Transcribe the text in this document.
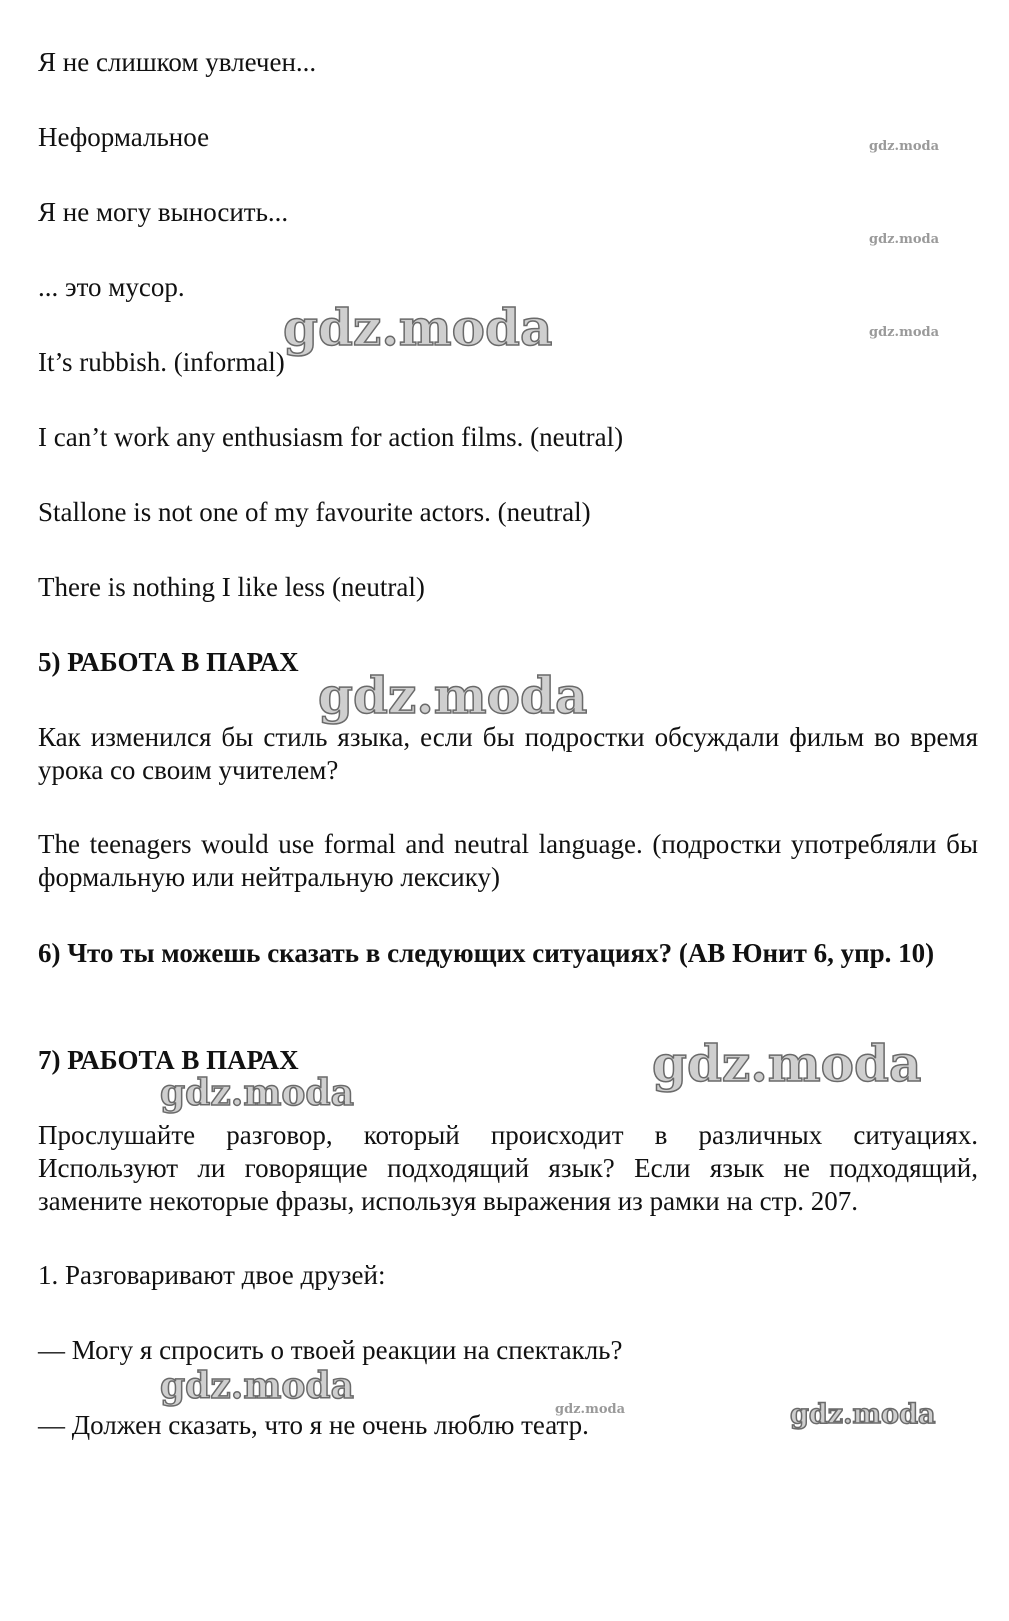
Я не слишком увлечен...

Неформальное

Я не могу выносить...

... это мусор.

It’s rubbish. (informal)

I can’t work any enthusiasm for action films. (neutral)

Stallone is not one of my favourite actors. (neutral)

There is nothing I like less (neutral)

5) РАБОТА В ПАРАХ

Как изменился бы стиль языка, если бы подростки обсуждали фильм во время урока со своим учителем?

The teenagers would use formal and neutral language. (подростки употребляли бы формальную или нейтральную лексику)

6) Что ты можешь сказать в следующих ситуациях? (AB Юнит 6, упр. 10)

7) РАБОТА В ПАРАХ

Прослушайте разговор, который происходит в различных ситуациях. Используют ли говорящие подходящий язык? Если язык не подходящий, замените некоторые фразы, используя выражения из рамки на стр. 207.

1. Разговаривают двое друзей:

— Могу я спросить о твоей реакции на спектакль?

— Должен сказать, что я не очень люблю театр.

gdz.moda
gdz.moda
gdz.moda
gdz.moda
gdz.moda
gdz.moda
gdz.moda
gdz.moda
gdz.moda
gdz.moda
